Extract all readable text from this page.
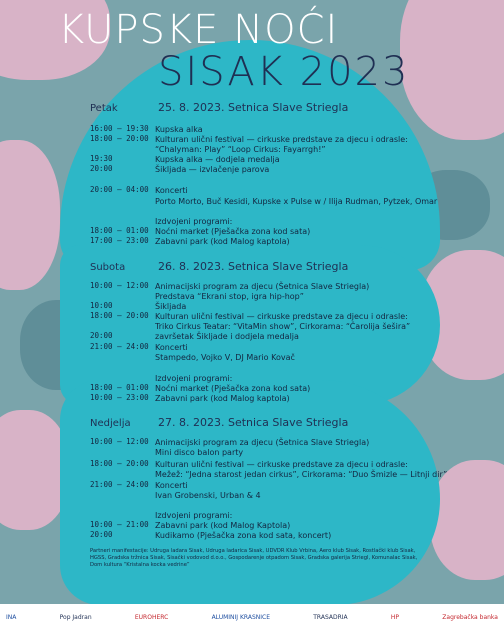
KUPSKE NOĆI
SISAK 2023
Petak	25. 8. 2023. Setnica Slave Striegla
16:00 – 19:30 Kupska alka
18:00 – 20:00 Kulturan ulični festival — cirkuske predstave za djecu i odrasle:
“Chalyman: Play” “Loop Cirkus: Fayarrgh!”
19:30	Kupska alka — dodjela medalja
20:00	Šikljada — izvlačenje parova
20:00 – 04:00 Koncerti
Porto Morto, Buč Kesidi, Kupske x Pulse w / Ilija Rudman, Pytzek, Omar
Izdvojeni programi:
18:00 – 01:00 Noćni market (Pješačka zona kod sata)
17:00 – 23:00 Zabavni park (kod Malog kaptola)
Subota	26. 8. 2023. Setnica Slave Striegla
10:00 – 12:00 Animacijski program za djecu (Šetnica Slave Striegla)
Predstava “Ekrani stop, igra hip-hop”
10:00	Šikljada
18:00 – 20:00 Kulturan ulični festival — cirkuske predstave za djecu i odrasle:
Triko Cirkus Teatar: “VitaMin show”, Cirkorama: “Čarolija šešira”
20:00	završetak Šikljade i dodjela medalja
21:00 – 24:00 Koncerti
Stampedo, Vojko V, DJ Mario Kovač
Izdvojeni programi:
18:00 – 01:00 Noćni market (Pješačka zona kod sata)
10:00 – 23:00 Zabavni park (kod Malog kaptola)
Nedjelja 27. 8. 2023. Setnica Slave Striegla
10:00 – 12:00 Animacijski program za djecu (Šetnica Slave Striegla)
Mini disco balon party
18:00 – 20:00 Kulturan ulični festival — cirkuske predstave za djecu i odrasle:
Mežež: “Jedna starost jedan cirkus”, Cirkorama: “Duo Šmizle — Litnji dir”
21:00 – 24:00 Koncerti
Ivan Grobenski, Urban & 4
Izdvojeni programi:
10:00 – 21:00 Zabavni park (kod Malog Kaptola)
20:00	Kudikamo (Pješačka zona kod sata, koncert)
Partneri manifestacije: Udruga ladara Sisak, Udruga ladarica Sisak, UDVDR Klub Vrbina, Aero klub Sisak, Rostlački klub Sisak, HGSS, Gradska tržnica Sisak, Sisački vodovod d.o.o., Gospodarenje otpadom Sisak, Gradska galerija Striegl, Komunalac Sisak, Dom kultura “Kristalna kocka vedrine”
INA	Pop Jadran	EUROHERC	ALUMINIJ KRASNICE	TRASADRIA	HP	Zagrebačka banka
